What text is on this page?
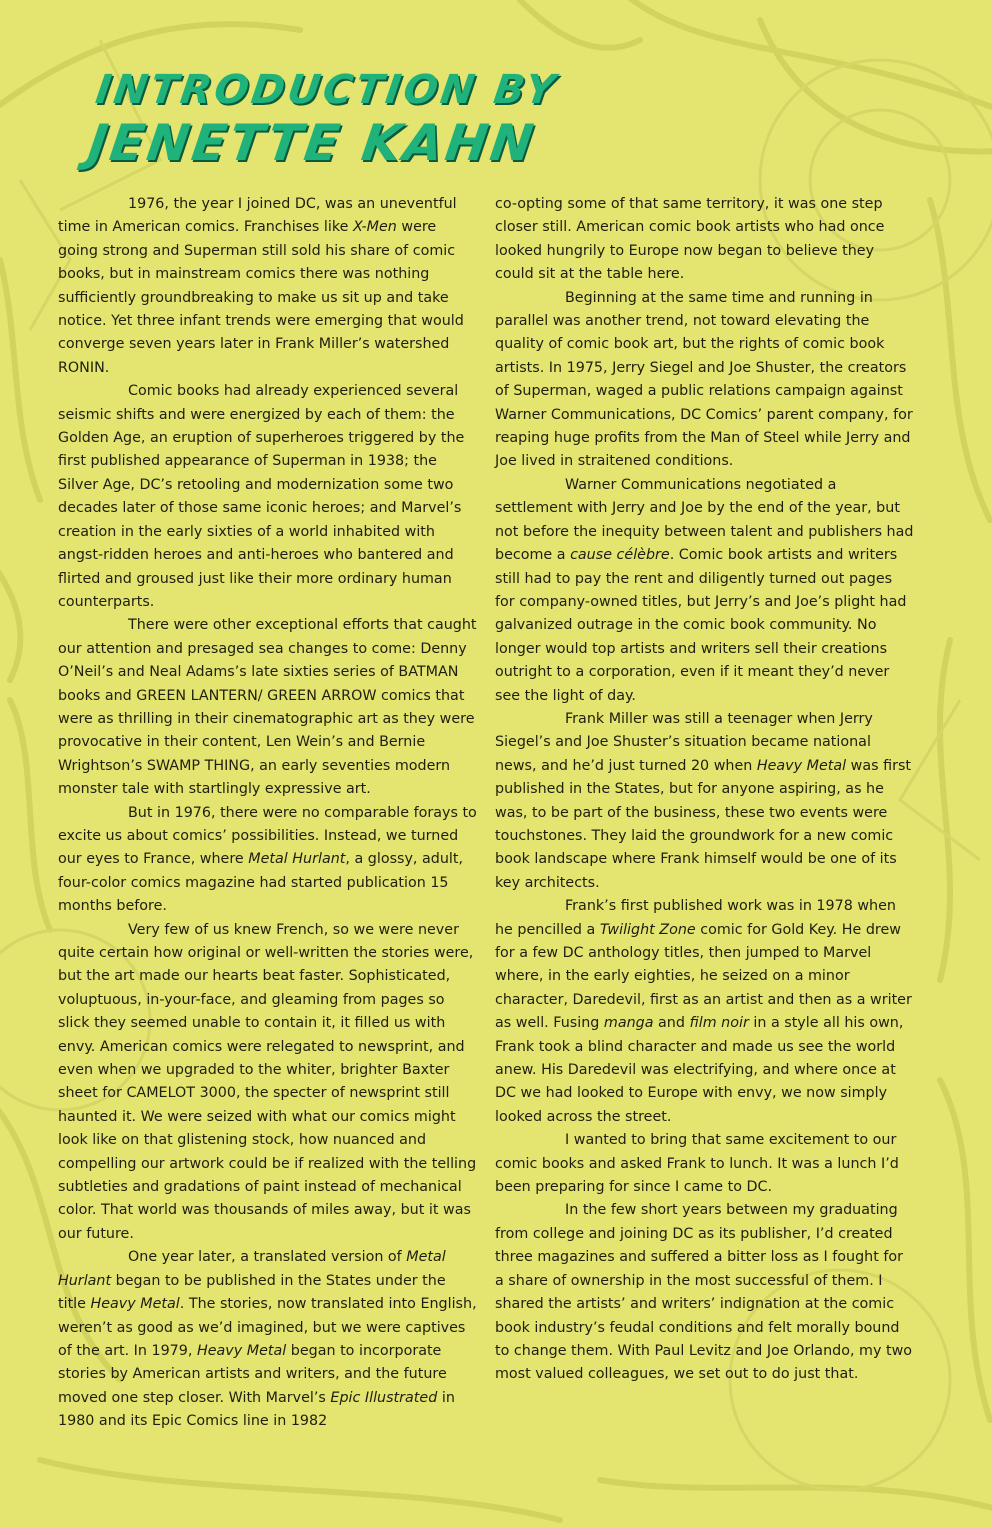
INTRODUCTION BY
JENETTE KAHN

1976, the year I joined DC, was an uneventful time in American comics. Franchises like X-Men were going strong and Superman still sold his share of comic books, but in mainstream comics there was nothing sufficiently groundbreaking to make us sit up and take notice. Yet three infant trends were emerging that would converge seven years later in Frank Miller’s watershed RONIN.

Comic books had already experienced several seismic shifts and were energized by each of them: the Golden Age, an eruption of superheroes triggered by the first published appearance of Superman in 1938; the Silver Age, DC’s retooling and modernization some two decades later of those same iconic heroes; and Marvel’s creation in the early sixties of a world inhabited with angst-ridden heroes and anti-heroes who bantered and flirted and groused just like their more ordinary human counterparts.

There were other exceptional efforts that caught our attention and presaged sea changes to come: Denny O’Neil’s and Neal Adams’s late sixties series of BATMAN books and GREEN LANTERN/ GREEN ARROW comics that were as thrilling in their cinematographic art as they were provocative in their content, Len Wein’s and Bernie Wrightson’s SWAMP THING, an early seventies modern monster tale with startlingly expressive art.

But in 1976, there were no comparable forays to excite us about comics’ possibilities. Instead, we turned our eyes to France, where Metal Hurlant, a glossy, adult, four-color comics magazine had started publication 15 months before.

Very few of us knew French, so we were never quite certain how original or well-written the stories were, but the art made our hearts beat faster. Sophisticated, voluptuous, in-your-face, and gleaming from pages so slick they seemed unable to contain it, it filled us with envy. American comics were relegated to newsprint, and even when we upgraded to the whiter, brighter Baxter sheet for CAMELOT 3000, the specter of newsprint still haunted it. We were seized with what our comics might look like on that glistening stock, how nuanced and compelling our artwork could be if realized with the telling subtleties and gradations of paint instead of mechanical color. That world was thousands of miles away, but it was our future.

One year later, a translated version of Metal Hurlant began to be published in the States under the title Heavy Metal. The stories, now translated into English, weren’t as good as we’d imagined, but we were captives of the art. In 1979, Heavy Metal began to incorporate stories by American artists and writers, and the future moved one step closer. With Marvel’s Epic Illustrated in 1980 and its Epic Comics line in 1982

co-opting some of that same territory, it was one step closer still. American comic book artists who had once looked hungrily to Europe now began to believe they could sit at the table here.

Beginning at the same time and running in parallel was another trend, not toward elevating the quality of comic book art, but the rights of comic book artists. In 1975, Jerry Siegel and Joe Shuster, the creators of Superman, waged a public relations campaign against Warner Communications, DC Comics’ parent company, for reaping huge profits from the Man of Steel while Jerry and Joe lived in straitened conditions.

Warner Communications negotiated a settlement with Jerry and Joe by the end of the year, but not before the inequity between talent and publishers had become a cause célèbre. Comic book artists and writers still had to pay the rent and diligently turned out pages for company-owned titles, but Jerry’s and Joe’s plight had galvanized outrage in the comic book community. No longer would top artists and writers sell their creations outright to a corporation, even if it meant they’d never see the light of day.

Frank Miller was still a teenager when Jerry Siegel’s and Joe Shuster’s situation became national news, and he’d just turned 20 when Heavy Metal was first published in the States, but for anyone aspiring, as he was, to be part of the business, these two events were touchstones. They laid the groundwork for a new comic book landscape where Frank himself would be one of its key architects.

Frank’s first published work was in 1978 when he pencilled a Twilight Zone comic for Gold Key. He drew for a few DC anthology titles, then jumped to Marvel where, in the early eighties, he seized on a minor character, Daredevil, first as an artist and then as a writer as well. Fusing manga and film noir in a style all his own, Frank took a blind character and made us see the world anew. His Daredevil was electrifying, and where once at DC we had looked to Europe with envy, we now simply looked across the street.

I wanted to bring that same excitement to our comic books and asked Frank to lunch. It was a lunch I’d been preparing for since I came to DC.

In the few short years between my graduating from college and joining DC as its publisher, I’d created three magazines and suffered a bitter loss as I fought for a share of ownership in the most successful of them. I shared the artists’ and writers’ indignation at the comic book industry’s feudal conditions and felt morally bound to change them. With Paul Levitz and Joe Orlando, my two most valued colleagues, we set out to do just that.
